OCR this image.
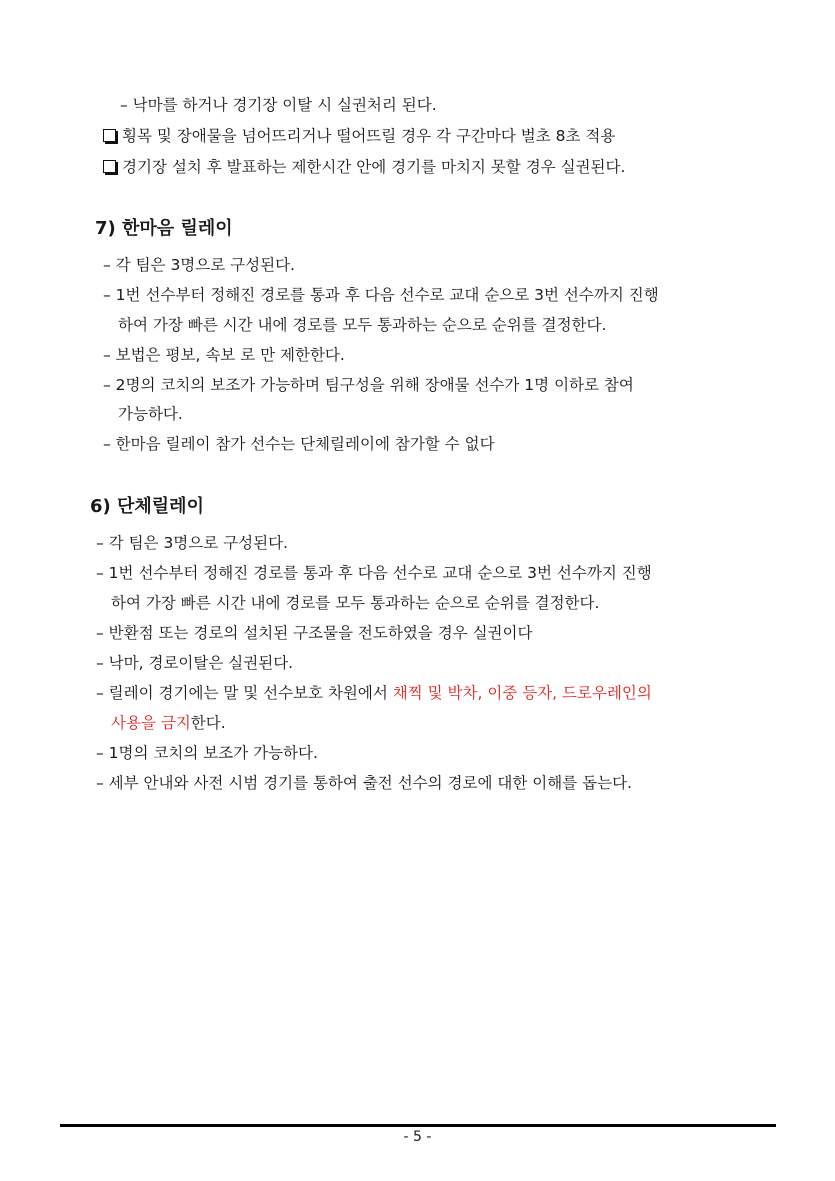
– 낙마를 하거나 경기장 이탈 시 실권처리 된다.
횡목 및 장애물을 넘어뜨리거나 떨어뜨릴 경우 각 구간마다 벌초 8초 적용
경기장 설치 후 발표하는 제한시간 안에 경기를 마치지 못할 경우 실권된다.
7) 한마음 릴레이
– 각 팀은 3명으로 구성된다.
– 1번 선수부터 정해진 경로를 통과 후 다음 선수로 교대 순으로 3번 선수까지 진행
하여 가장 빠른 시간 내에 경로를 모두 통과하는 순으로 순위를 결정한다.
– 보법은 평보, 속보 로 만 제한한다.
– 2명의 코치의 보조가 가능하며 팀구성을 위해 장애물 선수가 1명 이하로 참여
가능하다.
– 한마음 릴레이 참가 선수는 단체릴레이에 참가할 수 없다
6) 단체릴레이
– 각 팀은 3명으로 구성된다.
– 1번 선수부터 정해진 경로를 통과 후 다음 선수로 교대 순으로 3번 선수까지 진행
하여 가장 빠른 시간 내에 경로를 모두 통과하는 순으로 순위를 결정한다.
– 반환점 또는 경로의 설치된 구조물을 전도하였을 경우 실권이다
– 낙마, 경로이탈은 실권된다.
– 릴레이 경기에는 말 및 선수보호 차원에서 채찍 및 박차, 이중 등자, 드로우레인의
사용을 금지한다.
– 1명의 코치의 보조가 가능하다.
– 세부 안내와 사전 시범 경기를 통하여 출전 선수의 경로에 대한 이해를 돕는다.
- 5 -
